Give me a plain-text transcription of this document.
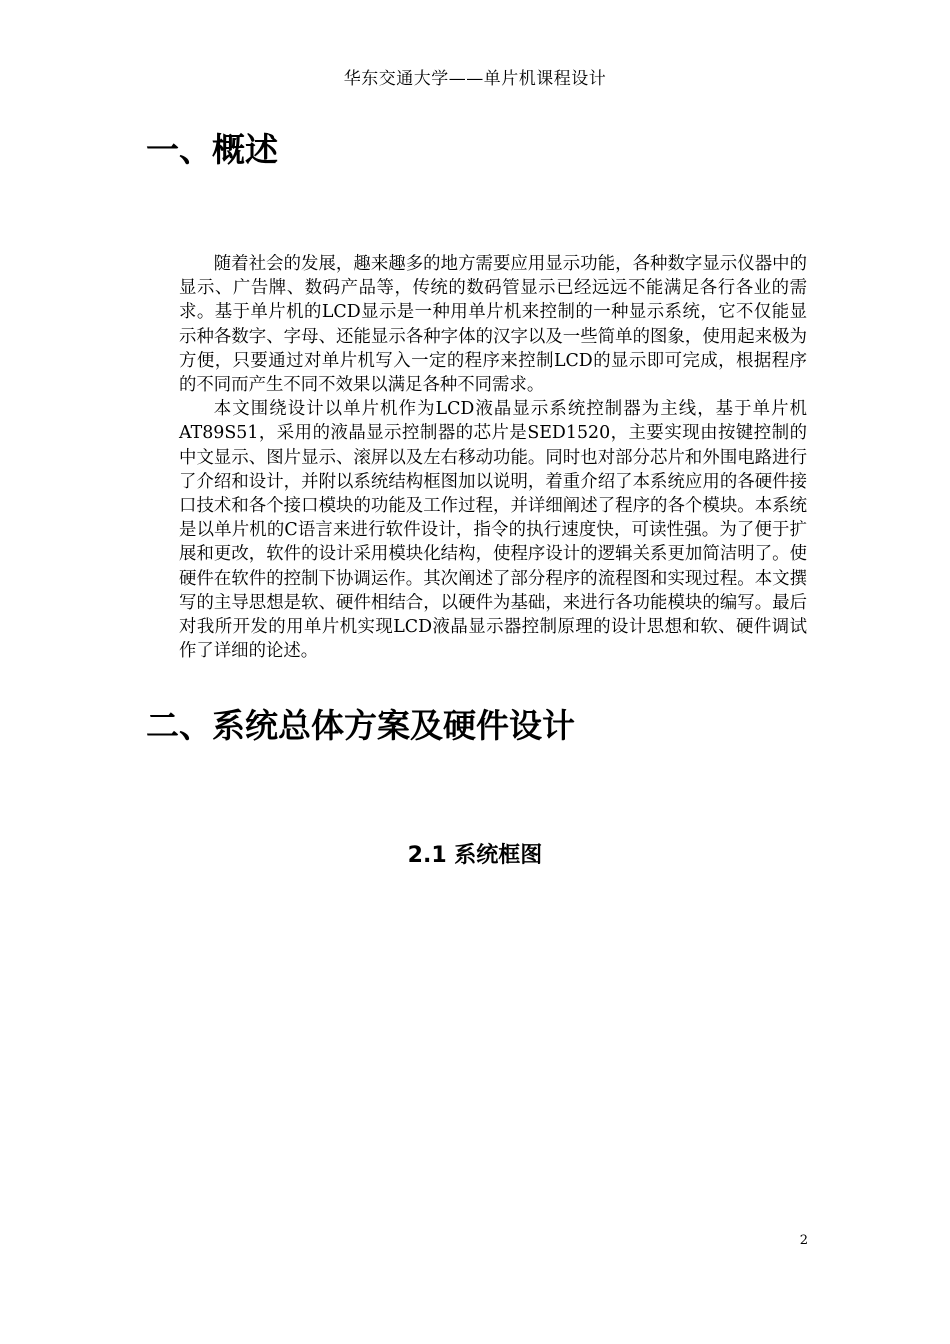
华东交通大学——单片机课程设计
一、概述

随着社会的发展，趣来趣多的地方需要应用显示功能，各种数字显示仪器中的显示、广告牌、数码产品等，传统的数码管显示已经远远不能满足各行各业的需求。基于单片机的LCD显示是一种用单片机来控制的一种显示系统，它不仅能显示种各数字、字母、还能显示各种字体的汉字以及一些简单的图象，使用起来极为方便，只要通过对单片机写入一定的程序来控制LCD的显示即可完成，根据程序的不同而产生不同不效果以满足各种不同需求。

本文围绕设计以单片机作为LCD液晶显示系统控制器为主线，基于单片机AT89S51，采用的液晶显示控制器的芯片是SED1520，主要实现由按键控制的中文显示、图片显示、滚屏以及左右移动功能。同时也对部分芯片和外围电路进行了介绍和设计，并附以系统结构框图加以说明，着重介绍了本系统应用的各硬件接口技术和各个接口模块的功能及工作过程，并详细阐述了程序的各个模块。本系统是以单片机的C语言来进行软件设计，指令的执行速度快，可读性强。为了便于扩展和更改，软件的设计采用模块化结构，使程序设计的逻辑关系更加简洁明了。使硬件在软件的控制下协调运作。其次阐述了部分程序的流程图和实现过程。本文撰写的主导思想是软、硬件相结合，以硬件为基础，来进行各功能模块的编写。最后对我所开发的用单片机实现LCD液晶显示器控制原理的设计思想和软、硬件调试作了详细的论述。

二、系统总体方案及硬件设计
2.1 系统框图
2
